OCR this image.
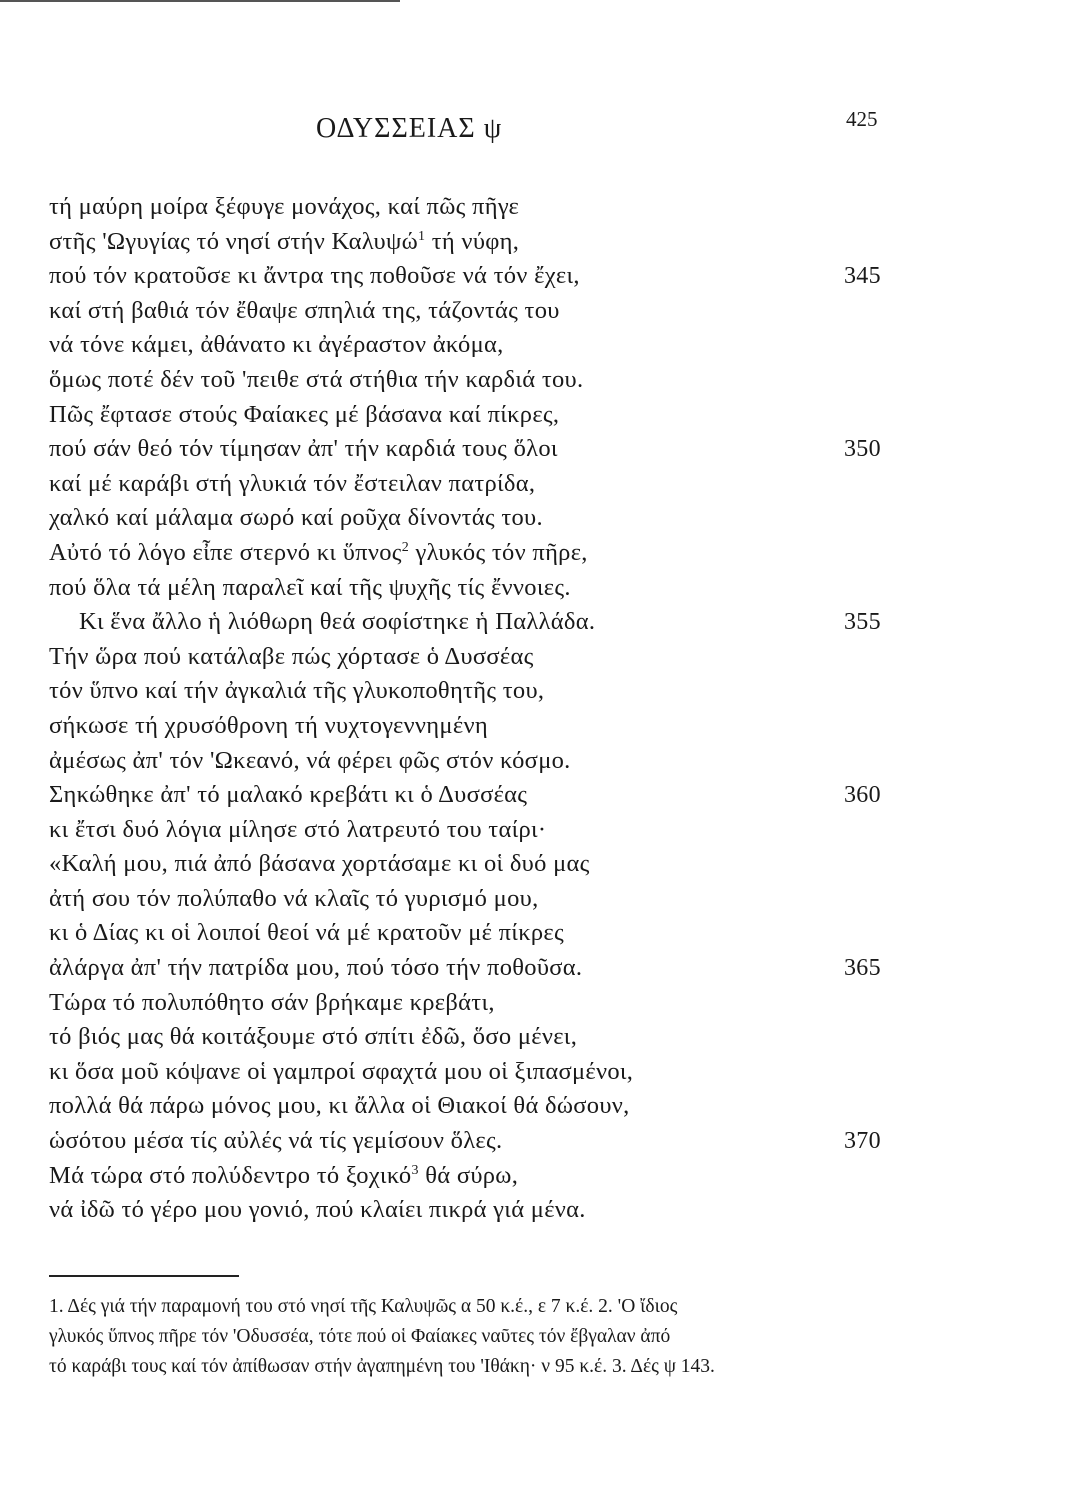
ΟΔΥΣΣΕΙΑΣ ψ	425
τή μαύρη μοίρα ξέφυγε μονάχος, καί πῶς πῆγε
στῆς 'Ωγυγίας τό νησί στήν Καλυψώ$^1$ τή νύφη,
πού τόν κρατοῦσε κι ἄντρα της ποθοῦσε νά τόν ἔχει,	345
καί στή βαθιά τόν ἔθαψε σπηλιά της, τάζοντάς του
νά τόνε κάμει, ἀθάνατο κι ἀγέραστον ἀκόμα,
ὅμως ποτέ δέν τοῦ 'πειθε στά στήθια τήν καρδιά του.
Πῶς ἔφτασε στούς Φαίακες μέ βάσανα καί πίκρες,
πού σάν θεό τόν τίμησαν ἀπ' τήν καρδιά τους ὅλοι	350
καί μέ καράβι στή γλυκιά τόν ἔστειλαν πατρίδα,
χαλκό καί μάλαμα σωρό καί ροῦχα δίνοντάς του.
Αὐτό τό λόγο εἶπε στερνό κι ὕπνος$^2$ γλυκός τόν πῆρε,
πού ὅλα τά μέλη παραλεῖ καί τῆς ψυχῆς τίς ἔννοιες.
Κι ἕνα ἄλλο ἡ λιόθωρη θεά σοφίστηκε ἡ Παλλάδα.	355
Τήν ὥρα πού κατάλαβε πώς χόρτασε ὁ Δυσσέας
τόν ὕπνο καί τήν ἀγκαλιά τῆς γλυκοποθητῆς του,
σήκωσε τή χρυσόθρονη τή νυχτογεννημένη
ἀμέσως ἀπ' τόν 'Ωκεανό, νά φέρει φῶς στόν κόσμο.
Σηκώθηκε ἀπ' τό μαλακό κρεβάτι κι ὁ Δυσσέας	360
κι ἔτσι δυό λόγια μίλησε στό λατρευτό του ταίρι·
«Καλή μου, πιά ἀπό βάσανα χορτάσαμε κι οἱ δυό μας
ἀτή σου τόν πολύπαθο νά κλαῖς τό γυρισμό μου,
κι ὁ Δίας κι οἱ λοιποί θεοί νά μέ κρατοῦν μέ πίκρες
ἀλάργα ἀπ' τήν πατρίδα μου, πού τόσο τήν ποθοῦσα.	365
Τώρα τό πολυπόθητο σάν βρήκαμε κρεβάτι,
τό βιός μας θά κοιτάξουμε στό σπίτι ἐδῶ, ὅσο μένει,
κι ὅσα μοῦ κόψανε οἱ γαμπροί σφαχτά μου οἱ ξιπασμένοι,
πολλά θά πάρω μόνος μου, κι ἄλλα οἱ Θιακοί θά δώσουν,
ὡσότου μέσα τίς αὐλές νά τίς γεμίσουν ὅλες.	370
Μά τώρα στό πολύδεντρο τό ξοχικό$^3$ θά σύρω,
νά ἰδῶ τό γέρο μου γονιό, πού κλαίει πικρά γιά μένα.
1. Δές γιά τήν παραμονή του στό νησί τῆς Καλυψῶς α 50 κ.έ., ε 7 κ.έ. 2. 'Ο ἴδιος
γλυκός ὕπνος πῆρε τόν 'Οδυσσέα, τότε πού οἱ Φαίακες ναῦτες τόν ἔβγαλαν ἀπό
τό καράβι τους καί τόν ἀπίθωσαν στήν ἀγαπημένη του 'Ιθάκη· ν 95 κ.έ. 3. Δές ψ 143.
